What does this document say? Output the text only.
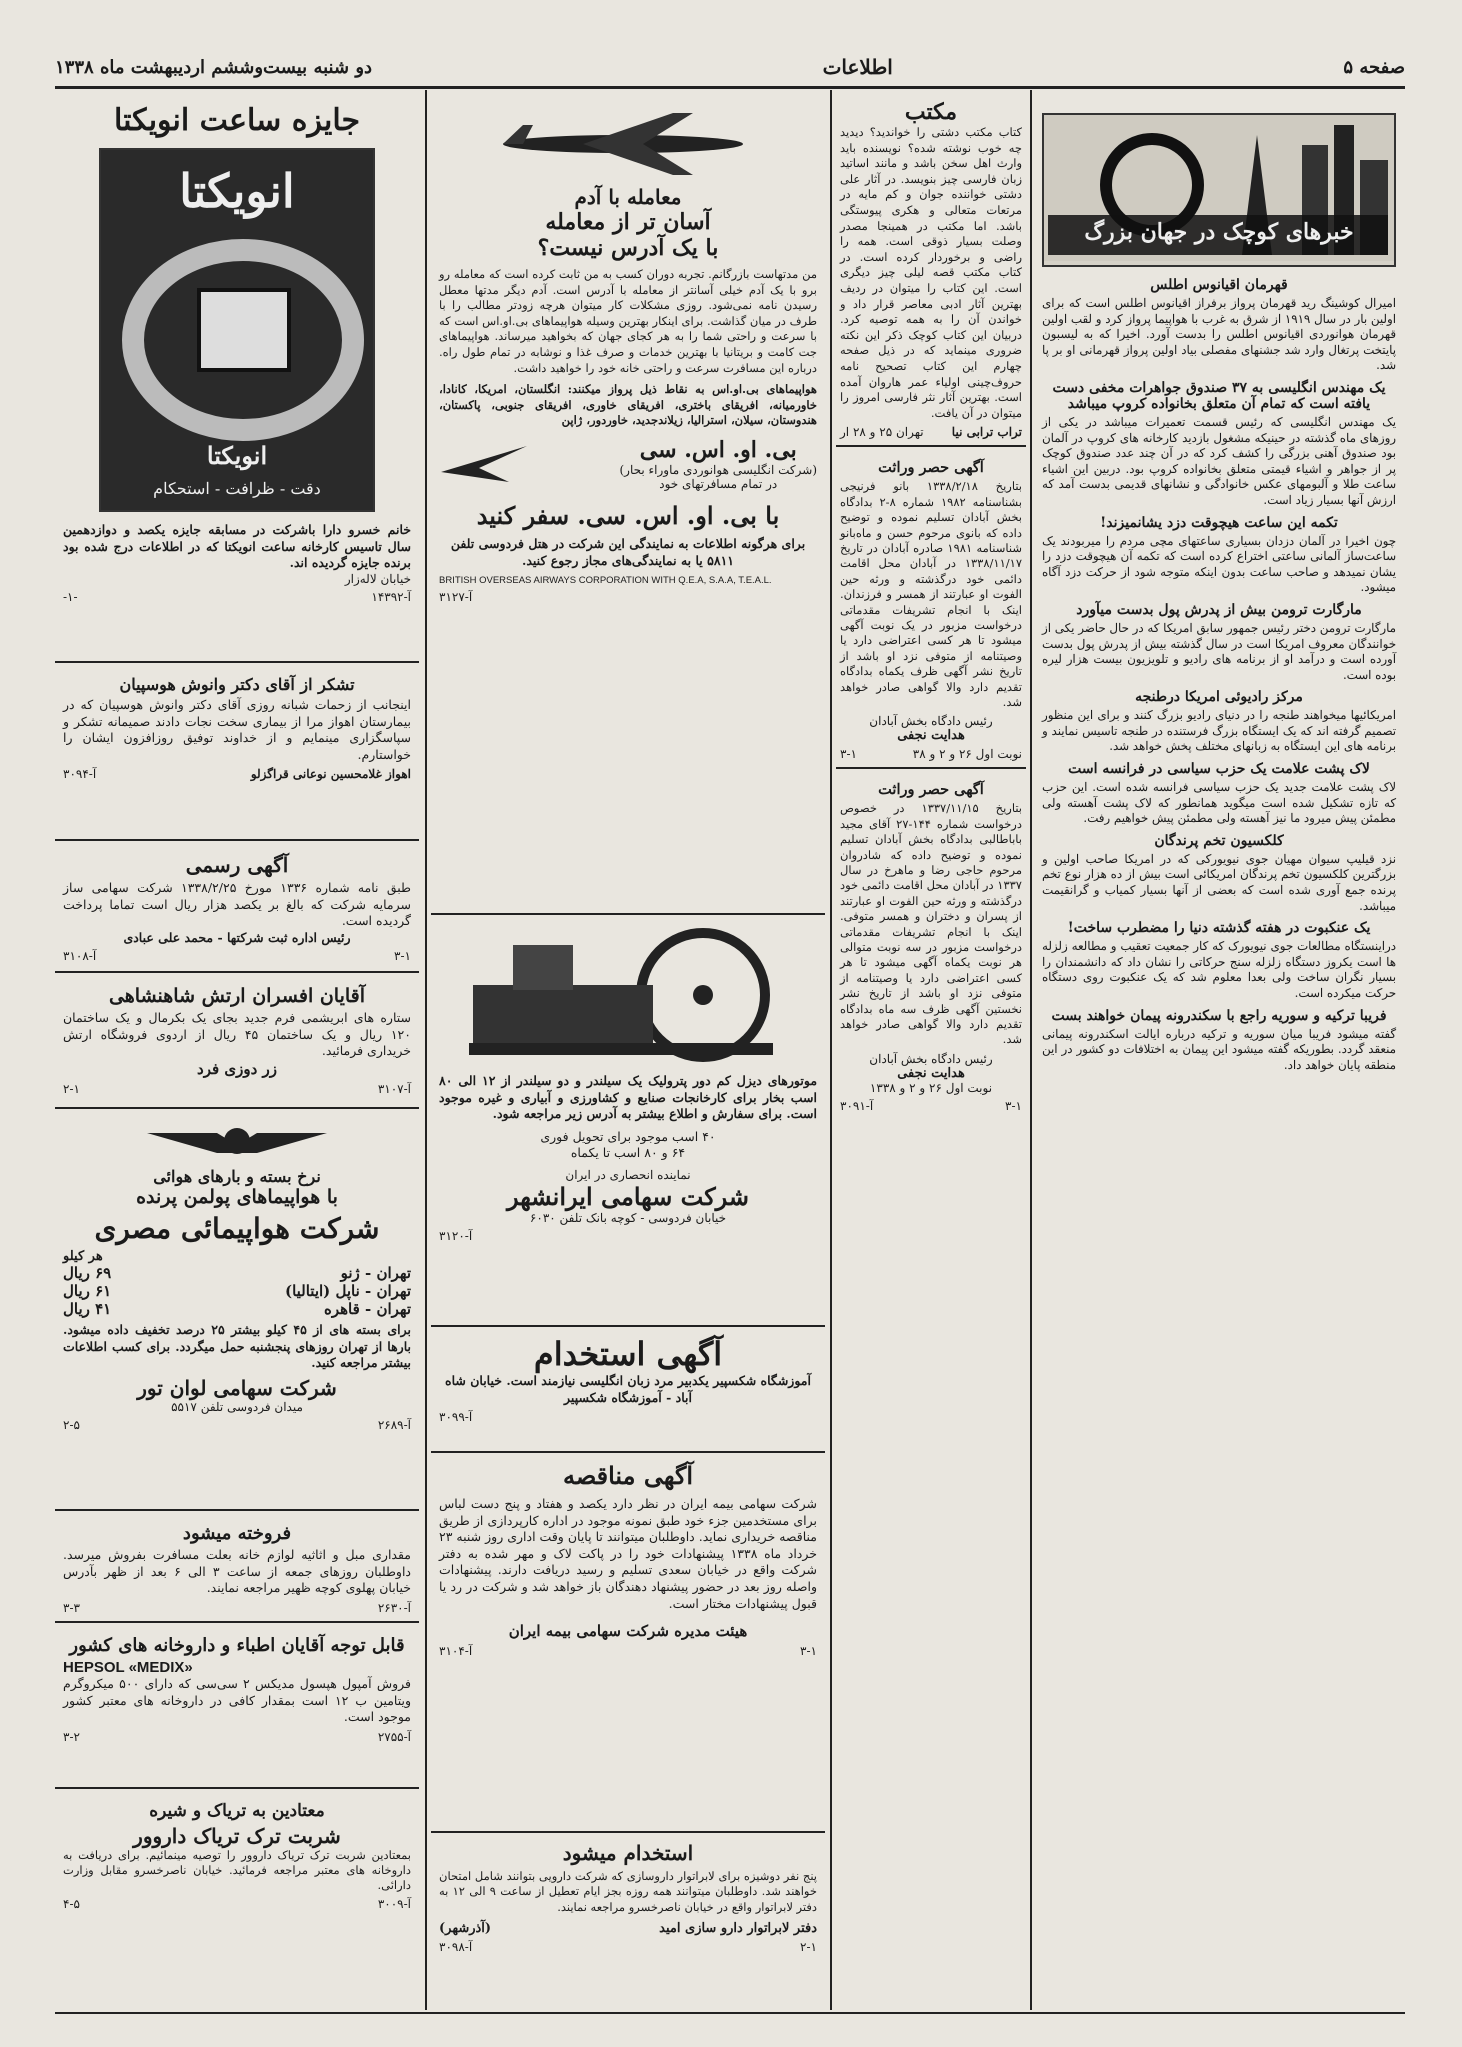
صفحه ۵
اطلاعات
دو شنبه بیست‌وششم اردیبهشت ماه ۱۳۳۸
خبرهای کوچک در جهان بزرگ
قهرمان اقیانوس اطلس

امیرال کوشینگ رید قهرمان پرواز برفراز اقیانوس اطلس است که برای اولین بار در سال ۱۹۱۹ از شرق به غرب با هواپیما پرواز کرد و لقب اولین قهرمان هوانوردی اقیانوس اطلس را بدست آورد. اخیرا که به لیسبون پایتخت پرتغال وارد شد جشنهای مفصلی بیاد اولین پرواز قهرمانی او بر پا شد.

یک مهندس انگلیسی به ۳۷ صندوق جواهرات مخفی دست یافته است که تمام آن متعلق بخانواده کروپ میباشد

یک مهندس انگلیسی که رئیس قسمت تعمیرات میباشد در یکی از روزهای ماه گذشته در حینیکه مشغول بازدید کارخانه های کروپ در آلمان بود صندوق آهنی بزرگی را کشف کرد که در آن چند عدد صندوق کوچک پر از جواهر و اشیاء قیمتی متعلق بخانواده کروپ بود. دربین این اشیاء ساعت طلا و آلبومهای عکس خانوادگی و نشانهای قدیمی بدست آمد که ارزش آنها بسیار زیاد است.

تکمه این ساعت هیچوقت دزد یشانمیزند!

چون اخیرا در آلمان دزدان بسیاری ساعتهای مچی مردم را میربودند یک ساعت‌ساز آلمانی ساعتی اختراع کرده است که تکمه آن هیچوقت دزد را یشان نمیدهد و صاحب ساعت بدون اینکه متوجه شود از حرکت دزد آگاه میشود.

مارگارت ترومن بیش از پدرش پول بدست میآورد

مارگارت ترومن دختر رئیس جمهور سابق امریکا که در حال حاضر یکی از خوانندگان معروف امریکا است در سال گذشته بیش از پدرش پول بدست آورده است و درآمد او از برنامه های رادیو و تلویزیون بیست هزار لیره بوده است.

مرکز رادیوئی امریکا درطنجه

امریکائیها میخواهند طنجه را در دنیای رادیو بزرگ کنند و برای این منظور تصمیم گرفته اند که یک ایستگاه بزرگ فرستنده در طنجه تاسیس نمایند و برنامه های این ایستگاه به زبانهای مختلف پخش خواهد شد.

لاک پشت علامت یک حزب سیاسی در فرانسه است

لاک پشت علامت جدید یک حزب سیاسی فرانسه شده است. این حزب که تازه تشکیل شده است میگوید همانطور که لاک پشت آهسته ولی مطمئن پیش میرود ما نیز آهسته ولی مطمئن پیش خواهیم رفت.

کلکسیون تخم پرندگان

نزد قیلیپ سیوان مهیان جوی نیویورکی که در امریکا صاحب اولین و بزرگترین کلکسیون تخم پرندگان امریکائی است بیش از ده هزار نوع تخم پرنده جمع آوری شده است که بعضی از آنها بسیار کمیاب و گرانقیمت میباشد.

یک عنکبوت در هفته گذشته دنیا را مضطرب ساخت!

دراینستگاه مطالعات جوی نیویورک که کار جمعیت تعقیب و مطالعه زلزله ها است یکروز دستگاه زلزله سنج حرکاتی را نشان داد که دانشمندان را بسیار نگران ساخت ولی بعدا معلوم شد که یک عنکبوت روی دستگاه حرکت میکرده است.

فریبا ترکیه و سوریه راجع با سکندرونه پیمان خواهند بست

گفته میشود فریبا میان سوریه و ترکیه درباره ایالت اسکندرونه پیمانی منعقد گردد. بطوریکه گفته میشود این پیمان به اختلافات دو کشور در این منطقه پایان خواهد داد.

مکتب

کتاب مکتب دشتی را خواندید؟ دیدید چه خوب نوشته شده؟ نویسنده باید وارث اهل سخن باشد و مانند اساتید زبان فارسی چیز بنویسد. در آثار علی دشتی خواننده جوان و کم مایه در مرتعات متعالی و هکری پیوستگی باشد. اما مکتب در همینجا مصدر وصلت بسیار ذوقی است. همه را راضی و برخوردار کرده است. در کتاب مکتب قصه لیلی چیز دیگری است. این کتاب را میتوان در ردیف بهترین آثار ادبی معاصر قرار داد و خواندن آن را به همه توصیه کرد. دربیان این کتاب کوچک ذکر این نکته ضروری مینماید که در ذیل صفحه چهارم این کتاب تصحیح نامه حروف‌چینی اولیاء عمر هاروان آمده است. بهترین آثار نثر فارسی امروز را میتوان در آن یافت.

تهران ۲۵ و ۲۸ ار تراب ترابی نیا
آگهی حصر وراثت

بتاریخ ۱۳۳۸/۲/۱۸ بانو فرنیجی بشناسنامه ۱۹۸۲ شماره ۸-۲ بدادگاه بخش آبادان تسلیم نموده و توضیح داده که بانوی مرحوم حسن و ماه‌بانو شناسنامه ۱۹۸۱ صادره آبادان در تاریخ ۱۳۳۸/۱۱/۱۷ در آبادان محل اقامت دائمی خود درگذشته و ورثه حین الفوت او عبارتند از همسر و فرزندان. اینک با انجام تشریفات مقدماتی درخواست مزبور در یک نوبت آگهی میشود تا هر کسی اعتراضی دارد یا وصیتنامه از متوفی نزد او باشد از تاریخ نشر آگهی ظرف یکماه بدادگاه تقدیم دارد والا گواهی صادر خواهد شد.

رئیس دادگاه بخش آبادان
هدایت نجفی
۳-۱	نوبت اول ۲۶ و ۲ و ۳۸
آگهی حصر وراثت

بتاریخ ۱۳۳۷/۱۱/۱۵ در خصوص درخواست شماره ۱۴۴-۲۷ آقای مجید باباطالبی بدادگاه بخش آبادان تسلیم نموده و توضیح داده که شادروان مرحوم حاجی رضا و ماهرخ در سال ۱۳۳۷ در آبادان محل اقامت دائمی خود درگذشته و ورثه حین الفوت او عبارتند از پسران و دختران و همسر متوفی. اینک با انجام تشریفات مقدماتی درخواست مزبور در سه نوبت متوالی هر نوبت یکماه آگهی میشود تا هر کسی اعتراضی دارد یا وصیتنامه از متوفی نزد او باشد از تاریخ نشر نخستین آگهی ظرف سه ماه بدادگاه تقدیم دارد والا گواهی صادر خواهد شد.

رئیس دادگاه بخش آبادان
هدایت نجفی
نوبت اول ۲۶ و ۲ و ۱۳۳۸
آ-۳۰۹۱	۳-۱
معامله با آدم
آسان تر از معامله
با یک آدرس نیست؟

من مدتهاست بازرگانم. تجربه دوران کسب به من ثابت کرده است که معامله رو برو با یک آدم خیلی آسانتر از معامله با آدرس است. آدم دیگر مدتها معطل رسیدن نامه نمی‌شود. روزی مشکلات کار میتوان هرچه زودتر مطالب را با طرف در میان گذاشت. برای اینکار بهترین وسیله هواپیماهای بی.او.اس است که با سرعت و راحتی شما را به هر کجای جهان که بخواهید میرساند. هواپیماهای جت کامت و بریتانیا با بهترین خدمات و صرف غذا و نوشابه در تمام طول راه. درباره این مسافرت سرعت و راحتی خانه خود را خواهید داشت.

هواپیماهای بی.او.اس به نقاط ذیل پرواز میکنند: انگلستان، امریکا، کانادا، خاورمیانه، افریقای باختری، افریقای خاوری، افریقای جنوبی، پاکستان، هندوستان، سیلان، استرالیا، زیلاندجدید، خاوردور، ژاپن

بی. او. اس. سی
(شرکت انگلیسی هوانوردی ماوراء بحار)
در تمام مسافرتهای خود
با بی. او. اس. سی. سفر کنید

برای هرگونه اطلاعات به نمایندگی این شرکت در هتل فردوسی تلفن ۵۸۱۱ یا به نمایندگی‌های مجاز رجوع کنید.

BRITISH OVERSEAS AIRWAYS CORPORATION WITH Q.E.A, S.A.A, T.E.A.L.
آ-۳۱۲۷

موتورهای دیزل کم دور پترولیک یک سیلندر و دو سیلندر از ۱۲ الی ۸۰ اسب بخار برای کارخانجات صنایع و کشاورزی و آبیاری و غیره موجود است. برای سفارش و اطلاع بیشتر به آدرس زیر مراجعه شود.

۴۰ اسب موجود برای تحویل فوری
۶۴ و ۸۰ اسب تا یکماه

نماینده انحصاری در ایران
شرکت سهامی ایرانشهر
خیابان فردوسی - کوچه بانک تلفن ۶۰۳۰
آ-۳۱۲۰
آگهی استخدام

آموزشگاه شکسپیر یکدبیر مرد زبان انگلیسی نیازمند است. خیابان شاه آباد - آموزشگاه شکسپیر

آ-۳۰۹۹
آگهی مناقصه

شرکت سهامی بیمه ایران در نظر دارد یکصد و هفتاد و پنج دست لباس برای مستخدمین جزء خود طبق نمونه موجود در اداره کارپردازی از طریق مناقصه خریداری نماید. داوطلبان میتوانند تا پایان وقت اداری روز شنبه ۲۳ خرداد ماه ۱۳۳۸ پیشنهادات خود را در پاکت لاک و مهر شده به دفتر شرکت واقع در خیابان سعدی تسلیم و رسید دریافت دارند. پیشنهادات واصله روز بعد در حضور پیشنهاد دهندگان باز خواهد شد و شرکت در رد یا قبول پیشنهادات مختار است.

هیئت مدیره شرکت سهامی بیمه ایران
آ-۳۱۰۴	۳-۱
استخدام میشود

پنج نفر دوشیزه برای لابراتوار داروسازی که شرکت دارویی بتوانند شامل امتحان خواهند شد. داوطلبان میتوانند همه روزه بجز ایام تعطیل از ساعت ۹ الی ۱۲ به دفتر لابراتوار واقع در خیابان ناصرخسرو مراجعه نمایند.

دفتر لابراتوار دارو سازی امید
(آذرشهر)
آ-۳۰۹۸	۲-۱
جایزه ساعت انویکتا
انویکتا
انویکتا
دقت - ظرافت - استحکام

خانم خسرو دارا باشرکت در مسابقه جایزه یکصد و دوازدهمین سال تاسیس کارخانه ساعت انویکتا که در اطلاعات درج شده بود برنده جایزه گردیده اند.

خیابان لاله‌زار
-۱-	آ-۱۴۳۹۲
تشکر از آقای دکتر وانوش هوسپیان

اینجانب از زحمات شبانه روزی آقای دکتر وانوش هوسپیان که در بیمارستان اهواز مرا از بیماری سخت نجات دادند صمیمانه تشکر و سپاسگزاری مینمایم و از خداوند توفیق روزافزون ایشان را خواستارم.

آ-۳۰۹۴	اهواز غلامحسین نوعانی قراگزلو
آگهی رسمی

طبق نامه شماره ۱۳۳۶ مورخ ۱۳۳۸/۲/۲۵ شرکت سهامی ساز سرمایه شرکت که بالغ بر یکصد هزار ریال است تماما پرداخت گردیده است.

رئیس اداره ثبت شرکتها - محمد علی عبادی
آ-۳۱۰۸	۳-۱
آقایان افسران ارتش شاهنشاهی

ستاره های ابریشمی فرم جدید بجای یک بکرمال و یک ساختمان ۱۲۰ ریال و یک ساختمان ۴۵ ریال از اردوی فروشگاه ارتش خریداری فرمائید.

زر دوزی فرد
۲-۱	آ-۳۱۰۷
نرخ بسته و بارهای هوائی
با هواپیماهای پولمن پرنده
شرکت هواپیمائی مصری
هر کیلو
تهران - ژنو
۶۹ ریال
تهران - ناپل (ایتالیا)
۶۱ ریال
تهران - قاهره
۴۱ ریال

برای بسته های از ۴۵ کیلو بیشتر ۲۵ درصد تخفیف داده میشود. بارها از تهران روزهای پنجشنبه حمل میگردد. برای کسب اطلاعات بیشتر مراجعه کنید.

شرکت سهامی لوان تور
میدان فردوسی تلفن ۵۵۱۷
۲-۵	آ-۲۶۸۹
فروخته میشود

مقداری مبل و اثاثیه لوازم خانه بعلت مسافرت بفروش میرسد. داوطلبان روزهای جمعه از ساعت ۳ الی ۶ بعد از ظهر بآدرس خیابان پهلوی کوچه ظهیر مراجعه نمایند.

۳-۳	آ-۲۶۳۰
قابل توجه آقایان اطباء و داروخانه های کشور
HEPSOL «MEDIX»

فروش آمپول هپسول مدیکس ۲ سی‌سی که دارای ۵۰۰ میکروگرم ویتامین ب ۱۲ است بمقدار کافی در داروخانه های معتبر کشور موجود است.

۳-۲	آ-۲۷۵۵
معتادین به تریاک و شیره
شربت ترک تریاک داروور

بمعتادین شربت ترک تریاک داروور را توصیه مینمائیم. برای دریافت به داروخانه های معتبر مراجعه فرمائید. خیابان ناصرخسرو مقابل وزارت دارائی.

۴-۵	آ-۳۰۰۹
